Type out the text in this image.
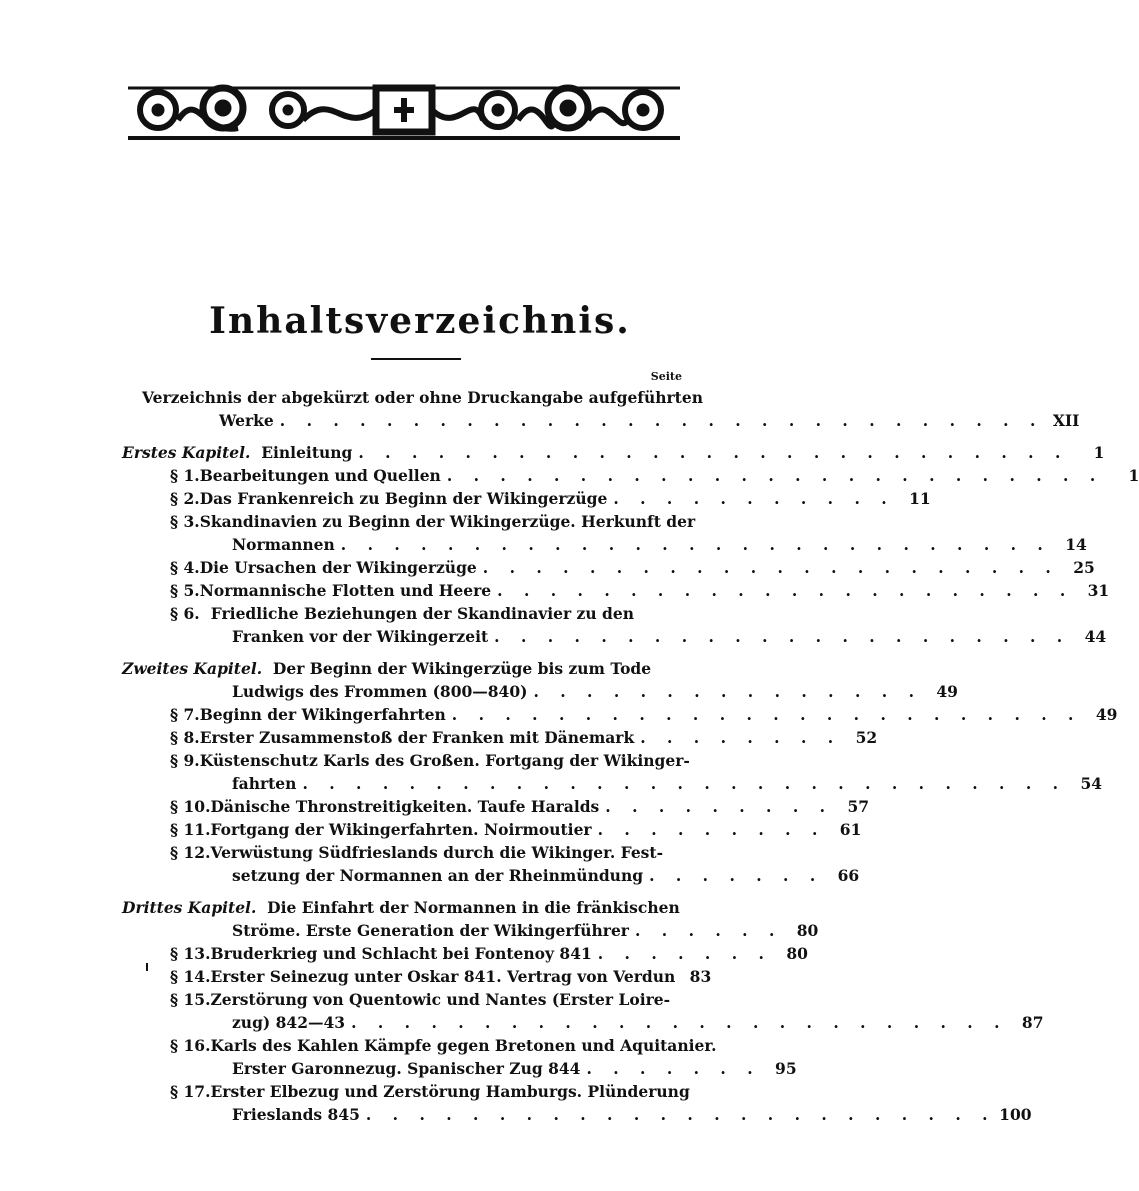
Inhaltsverzeichnis.
Seite
Verzeichnis der abgekürzt oder ohne Druckangabe aufgeführten
Werke . . . . . . . . . . . . . . . . . . . . . . . . . . . . . XII
Erstes Kapitel. Einleitung . . . . . . . . . . . . . . . . . . . . . . . . . . .	1
§ 1. Bearbeitungen und Quellen . . . . . . . . . . . . . . . . . . . . . . . . .	1
§ 2. Das Frankenreich zu Beginn der Wikingerzüge . . . . . . . . . . . 11
§ 3. Skandinavien zu Beginn der Wikingerzüge. Herkunft der
Normannen . . . . . . . . . . . . . . . . . . . . . . . . . . . 14
§ 4. Die Ursachen der Wikingerzüge . . . . . . . . . . . . . . . . . . . . . . 25
§ 5. Normannische Flotten und Heere . . . . . . . . . . . . . . . . . . . . . . 31
§ 6. Friedliche Beziehungen der Skandinavier zu den
Franken vor der Wikingerzeit . . . . . . . . . . . . . . . . . . . . . . 44
Zweites Kapitel. Der Beginn der Wikingerzüge bis zum Tode
Ludwigs des Frommen (800—840) . . . . . . . . . . . . . . . 49
§ 7. Beginn der Wikingerfahrten . . . . . . . . . . . . . . . . . . . . . . . . 49
§ 8. Erster Zusammenstoß der Franken mit Dänemark . . . . . . . . 52
§ 9. Küstenschutz Karls des Großen. Fortgang der Wikinger-
fahrten . . . . . . . . . . . . . . . . . . . . . . . . . . . . . 54
§ 10. Dänische Thronstreitigkeiten. Taufe Haralds . . . . . . . . . 57
§ 11. Fortgang der Wikingerfahrten. Noirmoutier . . . . . . . . . 61
§ 12. Verwüstung Südfrieslands durch die Wikinger. Fest-
setzung der Normannen an der Rheinmündung . . . . . . . 66
Drittes Kapitel. Die Einfahrt der Normannen in die fränkischen
Ströme. Erste Generation der Wikingerführer . . . . . . 80
§ 13. Bruderkrieg und Schlacht bei Fontenoy 841 . . . . . . . 80
§ 14. Erster Seinezug unter Oskar 841. Vertrag von Verdun 83
§ 15. Zerstörung von Quentowic und Nantes (Erster Loire-
zug) 842—43 . . . . . . . . . . . . . . . . . . . . . . . . . 87
§ 16. Karls des Kahlen Kämpfe gegen Bretonen und Aquitanier.
Erster Garonnezug. Spanischer Zug 844 . . . . . . . 95
§ 17. Erster Elbezug und Zerstörung Hamburgs. Plünderung
Frieslands 845 . . . . . . . . . . . . . . . . . . . . . . . . 100
